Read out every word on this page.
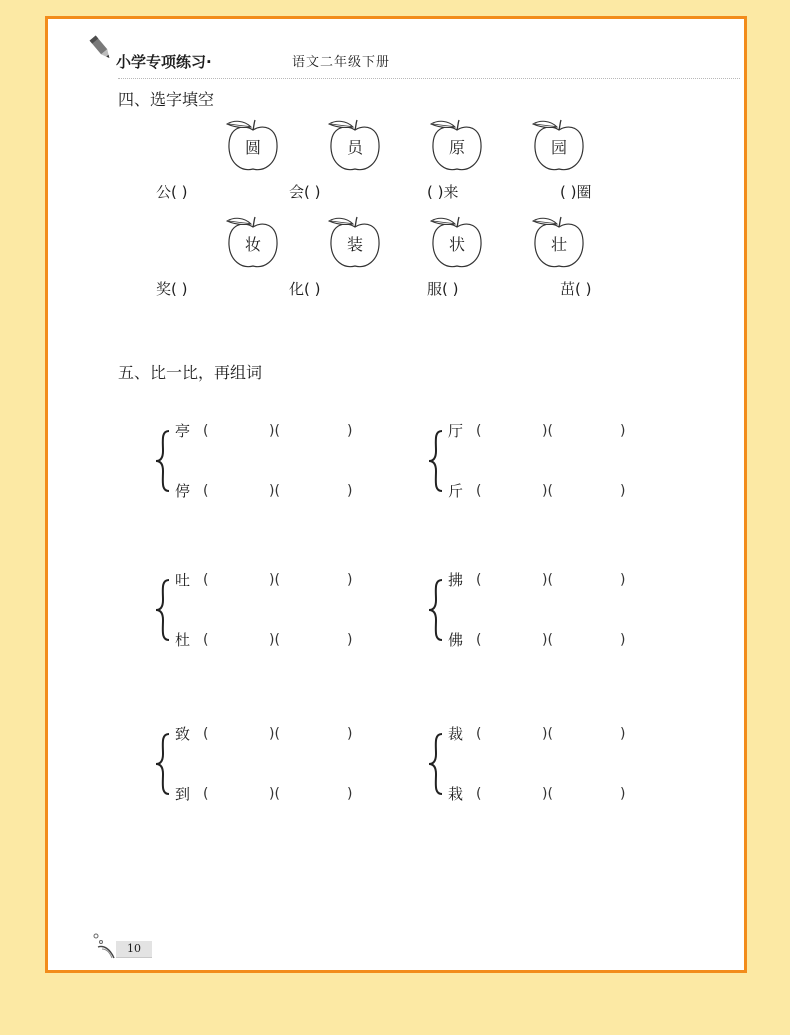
小学专项练习·	语文二年级下册
四、选字填空
圆	员	原	园
公( )	会( )	( )来	( )圈
妆	装	状	壮
奖( )	化( )	服( )	茁( )
五、比一比，再组词
亭 (	)(	)
停 (	)(	)
厅 (	)(	)
斤 (	)(	)
吐 (	)(	)
杜 (	)(	)
拂 (	)(	)
佛 (	)(	)
致 (	)(	)
到 (	)(	)
裁 (	)(	)
栽 (	)(	)
10
